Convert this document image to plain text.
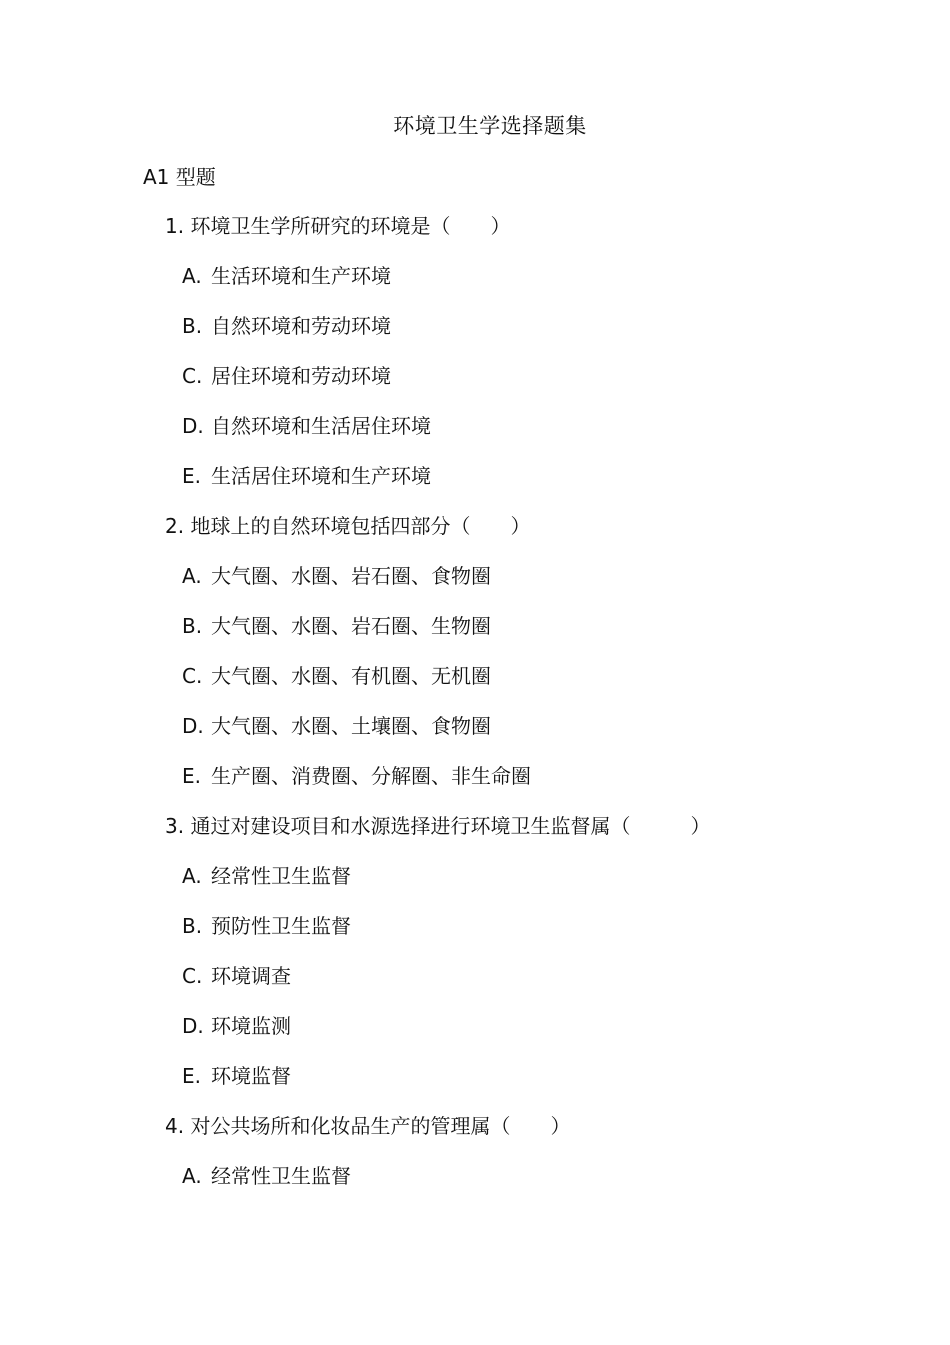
环境卫生学选择题集
A1 型题
1. 环境卫生学所研究的环境是（　　）
A. 生活环境和生产环境
B. 自然环境和劳动环境
C. 居住环境和劳动环境
D. 自然环境和生活居住环境
E. 生活居住环境和生产环境
2. 地球上的自然环境包括四部分（　　）
A. 大气圈、水圈、岩石圈、食物圈
B. 大气圈、水圈、岩石圈、生物圈
C. 大气圈、水圈、有机圈、无机圈
D. 大气圈、水圈、土壤圈、食物圈
E. 生产圈、消费圈、分解圈、非生命圈
3. 通过对建设项目和水源选择进行环境卫生监督属（　　　）
A. 经常性卫生监督
B. 预防性卫生监督
C. 环境调查
D. 环境监测
E. 环境监督
4. 对公共场所和化妆品生产的管理属（　　）
A. 经常性卫生监督
